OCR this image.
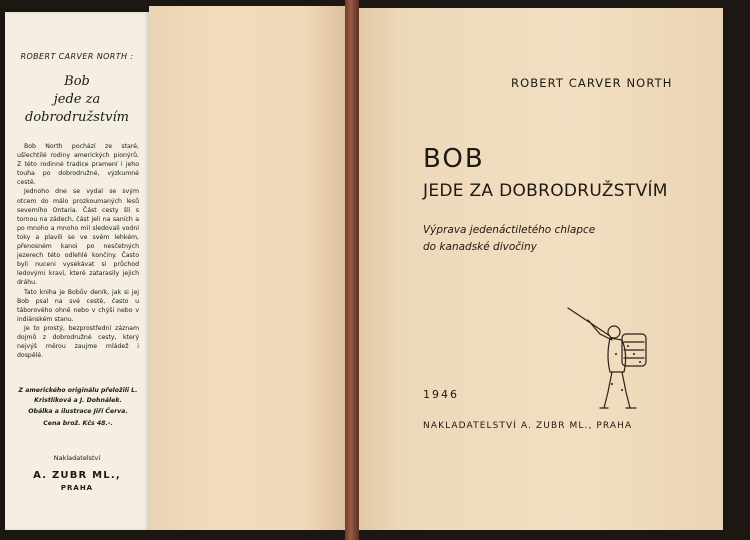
ROBERT CARVER NORTH :
Bob
jede za
dobrodružstvím

Bob North pochází ze staré, ušlechtilé rodiny amerických pionýrů. Z této rodinné tradice pramení i jeho touha po dobrodružné, výzkumné cestě.

Jednoho dne se vydal se svým otcem do málo prozkoumaných lesů severního Ontaria. Část cesty šli s tornou na zádech, část jeli na saních a po mnoho a mnoho mil sledovali vodní toky a plavili se ve svém lehkém, přenosném kanoi po nesčetných jezerech této odlehlé končiny. Často byli nuceni vysekávat si průchod ledovými kraví, které zatarasily jejich dráhu.

Tato kniha je Bobův deník, jak si jej Bob psal na své cestě, často u táborového ohně nebo v chýši nebo v indiánském stanu.

Je to prostý, bezprostřední záznam dojmů z dobrodružné cesty, který nejvýš měrou zaujme mládež i dospělé.

Z amerického originálu přeložili L. Kristlíková a J. Dohnálek.

Obálka a ilustrace Jiří Červa.

Cena brož. Kčs 48.-.

Nakladatelství
A. ZUBR ML.,
PRAHA
ROBERT CARVER NORTH
BOB
JEDE ZA DOBRODRUŽSTVÍM
Výprava jedenáctiletého chlapce
do kanadské divočiny
1946
NAKLADATELSTVÍ A. ZUBR ML., PRAHA
